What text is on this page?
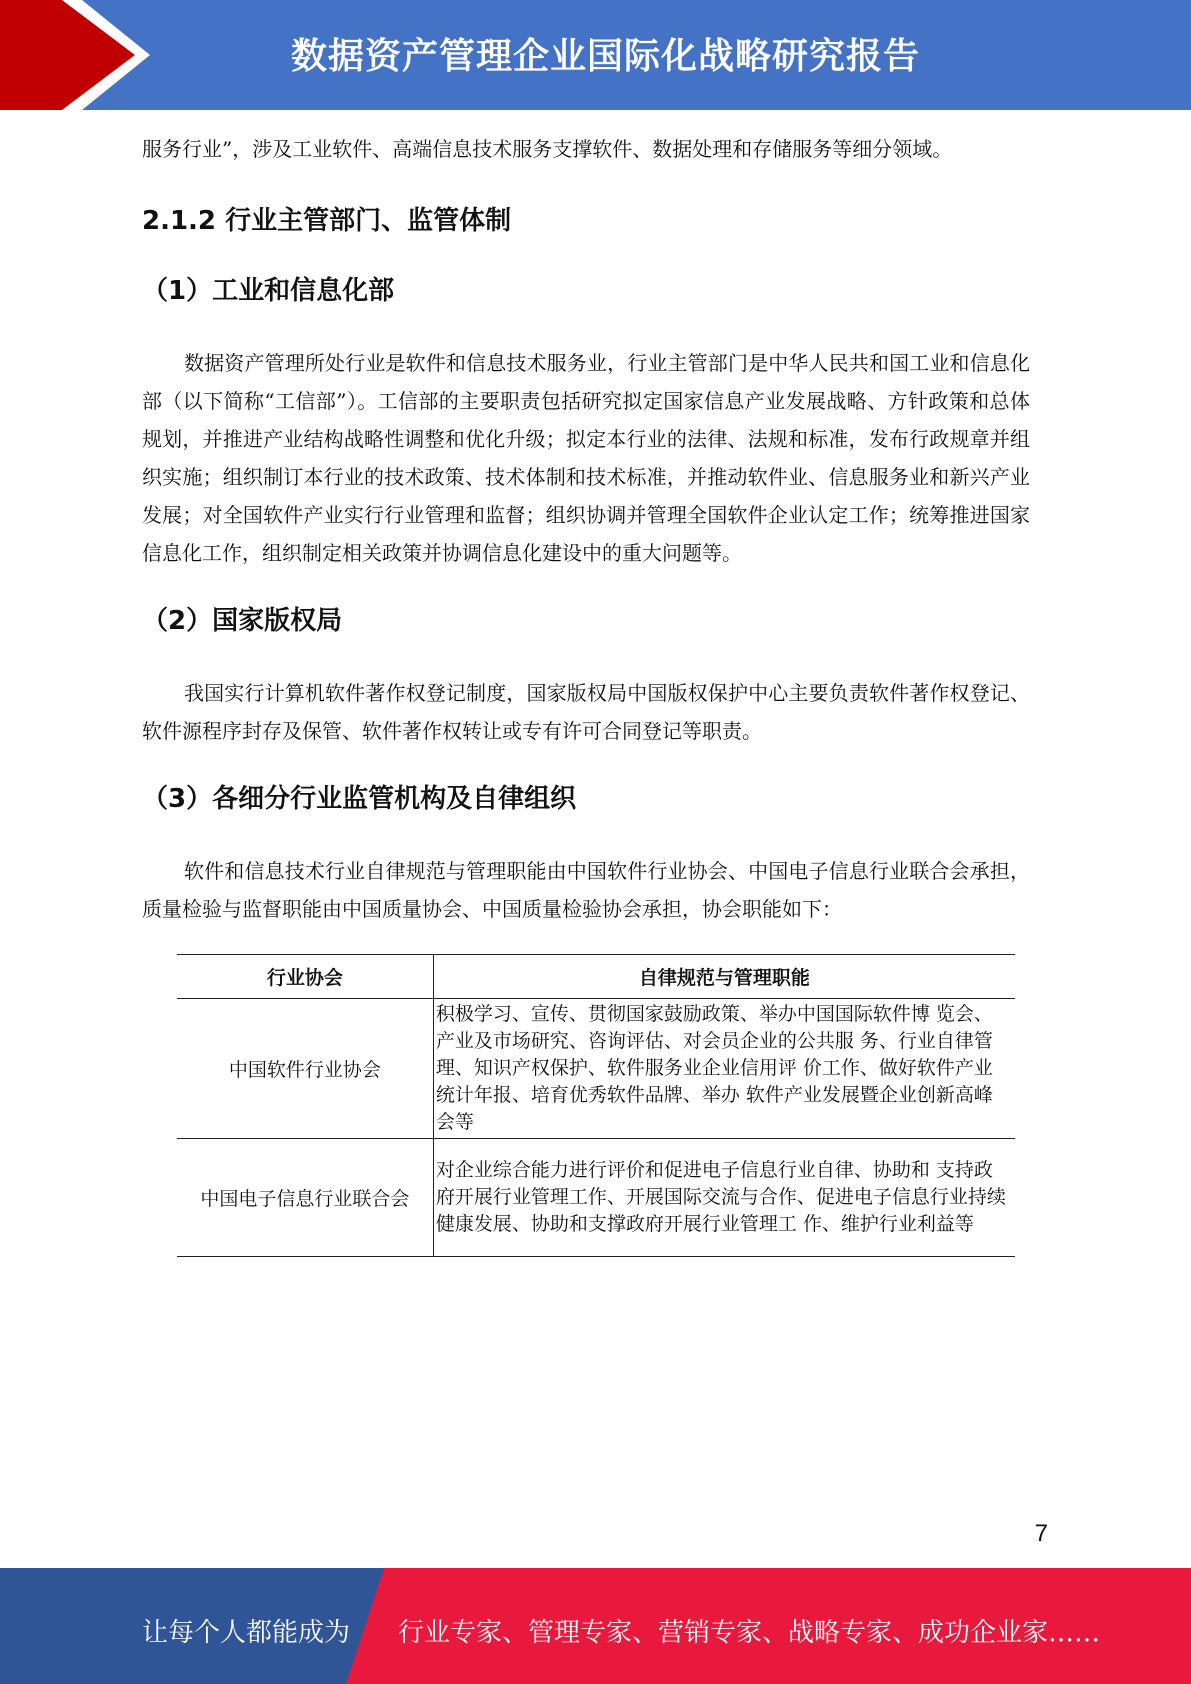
数据资产管理企业国际化战略研究报告

服务行业”，涉及工业软件、高端信息技术服务支撑软件、数据处理和存储服务等细分领域。

2.1.2 行业主管部门、监管体制
（1）工业和信息化部

数据资产管理所处行业是软件和信息技术服务业，行业主管部门是中华人民共和国工业和信息化部（以下简称“工信部”）。工信部的主要职责包括研究拟定国家信息产业发展战略、方针政策和总体规划，并推进产业结构战略性调整和优化升级；拟定本行业的法律、法规和标准，发布行政规章并组织实施；组织制订本行业的技术政策、技术体制和技术标准，并推动软件业、信息服务业和新兴产业发展；对全国软件产业实行行业管理和监督；组织协调并管理全国软件企业认定工作；统筹推进国家信息化工作，组织制定相关政策并协调信息化建设中的重大问题等。

（2）国家版权局

我国实行计算机软件著作权登记制度，国家版权局中国版权保护中心主要负责软件著作权登记、软件源程序封存及保管、软件著作权转让或专有许可合同登记等职责。

（3）各细分行业监管机构及自律组织

软件和信息技术行业自律规范与管理职能由中国软件行业协会、中国电子信息行业联合会承担，质量检验与监督职能由中国质量协会、中国质量检验协会承担，协会职能如下：

行业协会	自律规范与管理职能
中国软件行业协会	积极学习、宣传、贯彻国家鼓励政策、举办中国国际软件博 览会、产业及市场研究、咨询评估、对会员企业的公共服 务、行业自律管理、知识产权保护、软件服务业企业信用评 价工作、做好软件产业统计年报、培育优秀软件品牌、举办 软件产业发展暨企业创新高峰会等
中国电子信息行业联合会	对企业综合能力进行评价和促进电子信息行业自律、协助和 支持政府开展行业管理工作、开展国际交流与合作、促进电子信息行业持续健康发展、协助和支撑政府开展行业管理工 作、维护行业利益等
7
让每个人都能成为 行业专家、管理专家、营销专家、战略专家、成功企业家……
